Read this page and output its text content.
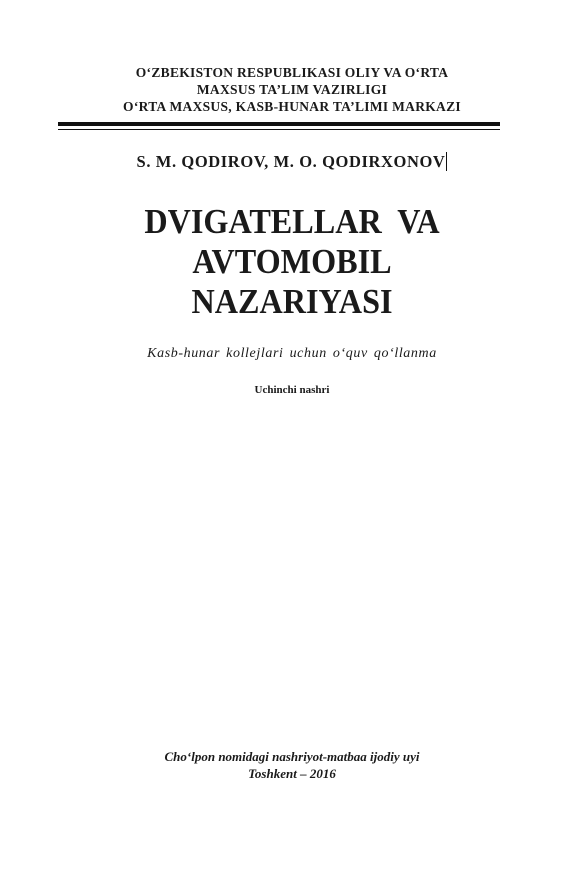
O‘ZBEKISTON RESPUBLIKASI OLIY VA O‘RTA
MAXSUS TA’LIM VAZIRLIGI
O‘RTA MAXSUS, KASB-HUNAR TA’LIMI MARKAZI
S. M. QODIROV, M. O. QODIRXONOV
DVIGATELLAR  VA
AVTOMOBIL
NAZARIYASI
Kasb-hunar kollejlari uchun o‘quv qo‘llanma
Uchinchi nashri
Cho‘lpon nomidagi nashriyot-matbaa ijodiy uyi
Toshkent – 2016
